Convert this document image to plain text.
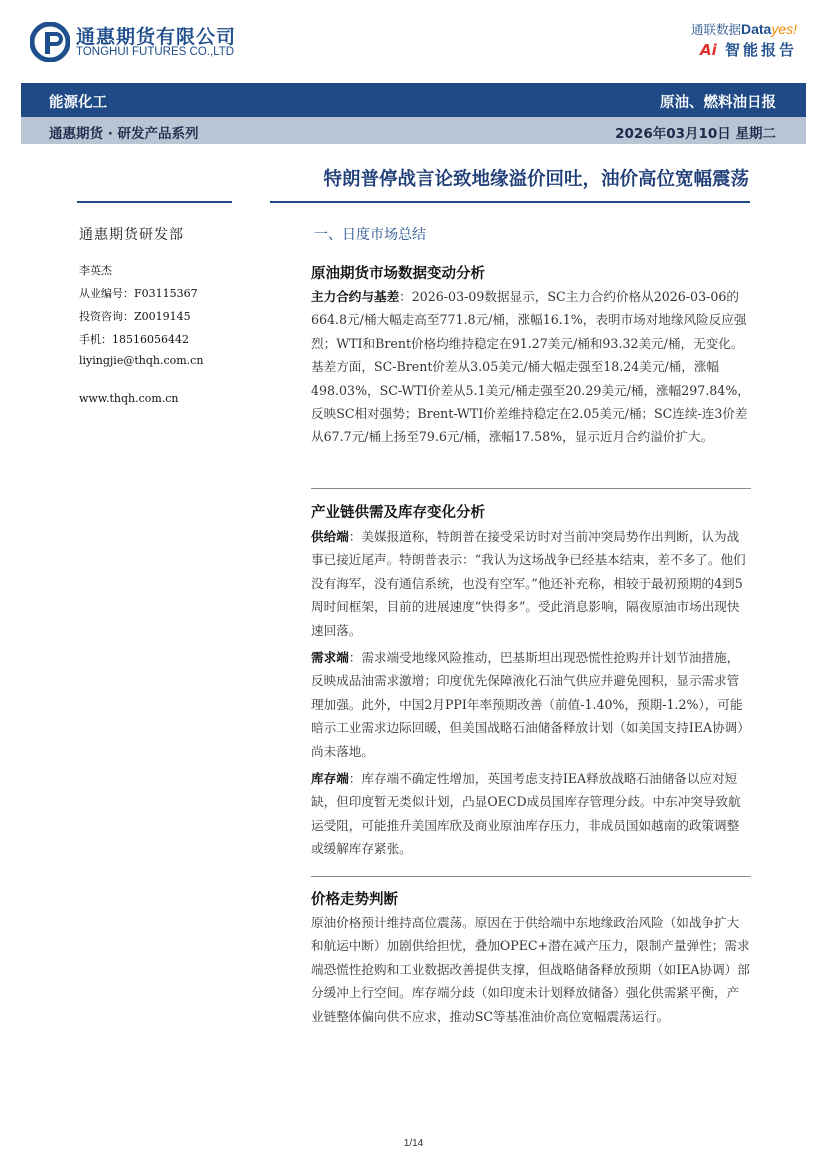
通惠期货有限公司
TONGHUI FUTURES CO.,LTD
通联数据Datayes!
Ai 智能报告
能源化工	原油、燃料油日报
通惠期货 · 研发产品系列	2026年03月10日 星期二
特朗普停战言论致地缘溢价回吐，油价高位宽幅震荡
通惠期货研发部
李英杰
从业编号：F03115367
投资咨询：Z0019145
手机：18516056442
liyingjie@thqh.com.cn
www.thqh.com.cn
一、日度市场总结
原油期货市场数据变动分析
主力合约与基差：2026-03-09数据显示，SC主力合约价格从2026-03-06的664.8元/桶大幅走高至771.8元/桶，涨幅16.1%，表明市场对地缘风险反应强烈；WTI和Brent价格均维持稳定在91.27美元/桶和93.32美元/桶，无变化。基差方面，SC-Brent价差从3.05美元/桶大幅走强至18.24美元/桶，涨幅498.03%，SC-WTI价差从5.1美元/桶走强至20.29美元/桶，涨幅297.84%，反映SC相对强势；Brent-WTI价差维持稳定在2.05美元/桶；SC连续-连3价差从67.7元/桶上扬至79.6元/桶，涨幅17.58%，显示近月合约溢价扩大。
产业链供需及库存变化分析
供给端：美媒报道称，特朗普在接受采访时对当前冲突局势作出判断，认为战事已接近尾声。特朗普表示：“我认为这场战争已经基本结束，差不多了。他们没有海军，没有通信系统，也没有空军。”他还补充称，相较于最初预期的4到5周时间框架，目前的进展速度“快得多”。受此消息影响，隔夜原油市场出现快速回落。
需求端：需求端受地缘风险推动，巴基斯坦出现恐慌性抢购并计划节油措施，反映成品油需求激增；印度优先保障液化石油气供应并避免囤积，显示需求管理加强。此外，中国2月PPI年率预期改善（前值-1.40%，预期-1.2%），可能暗示工业需求边际回暖，但美国战略石油储备释放计划（如美国支持IEA协调）尚未落地。
库存端：库存端不确定性增加，英国考虑支持IEA释放战略石油储备以应对短缺，但印度暂无类似计划，凸显OECD成员国库存管理分歧。中东冲突导致航运受阻，可能推升美国库欣及商业原油库存压力，非成员国如越南的政策调整或缓解库存紧张。
价格走势判断
原油价格预计维持高位震荡。原因在于供给端中东地缘政治风险（如战争扩大和航运中断）加剧供给担忧，叠加OPEC+潜在减产压力，限制产量弹性；需求端恐慌性抢购和工业数据改善提供支撑，但战略储备释放预期（如IEA协调）部分缓冲上行空间。库存端分歧（如印度未计划释放储备）强化供需紧平衡，产业链整体偏向供不应求，推动SC等基准油价高位宽幅震荡运行。
1/14
